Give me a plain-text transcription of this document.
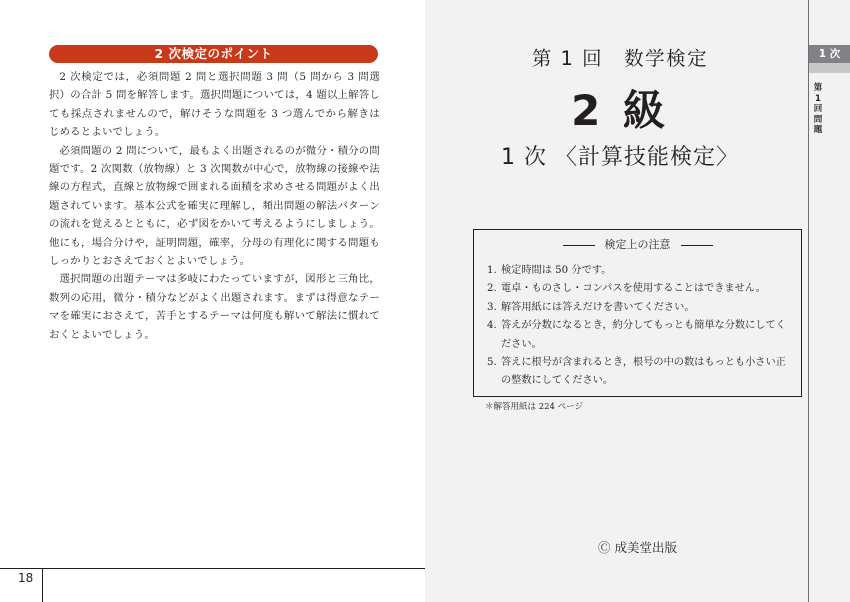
2 次検定のポイント

2 次検定では，必須問題 2 問と選択問題 3 問（5 問から 3 問選択）の合計 5 問を解答します。選択問題については，4 題以上解答しても採点されませんので，解けそうな問題を 3 つ選んでから解きはじめるとよいでしょう。

必須問題の 2 問について，最もよく出題されるのが微分・積分の問題です。2 次関数（放物線）と 3 次関数が中心で，放物線の接線や法線の方程式，直線と放物線で囲まれる面積を求めさせる問題がよく出題されています。基本公式を確実に理解し，頻出問題の解法パターンの流れを覚えるとともに，必ず図をかいて考えるようにしましょう。他にも，場合分けや，証明問題，確率，分母の有理化に関する問題もしっかりとおさえておくとよいでしょう。

選択問題の出題テーマは多岐にわたっていますが，図形と三角比，数列の応用，微分・積分などがよく出題されます。まずは得意なテーマを確実におさえて，苦手とするテーマは何度も解いて解法に慣れておくとよいでしょう。

18
1 次
第1回 問題
第 1 回　数学検定
2 級
1 次 〈計算技能検定〉
検定上の注意
1. 検定時間は 50 分です。
2. 電卓・ものさし・コンパスを使用することはできません。
3. 解答用紙には答えだけを書いてください。
4. 答えが分数になるとき，約分してもっとも簡単な分数にしてください。
5. 答えに根号が含まれるとき，根号の中の数はもっとも小さい正の整数にしてください。
＊解答用紙は 224 ページ
Ⓒ 成美堂出版
